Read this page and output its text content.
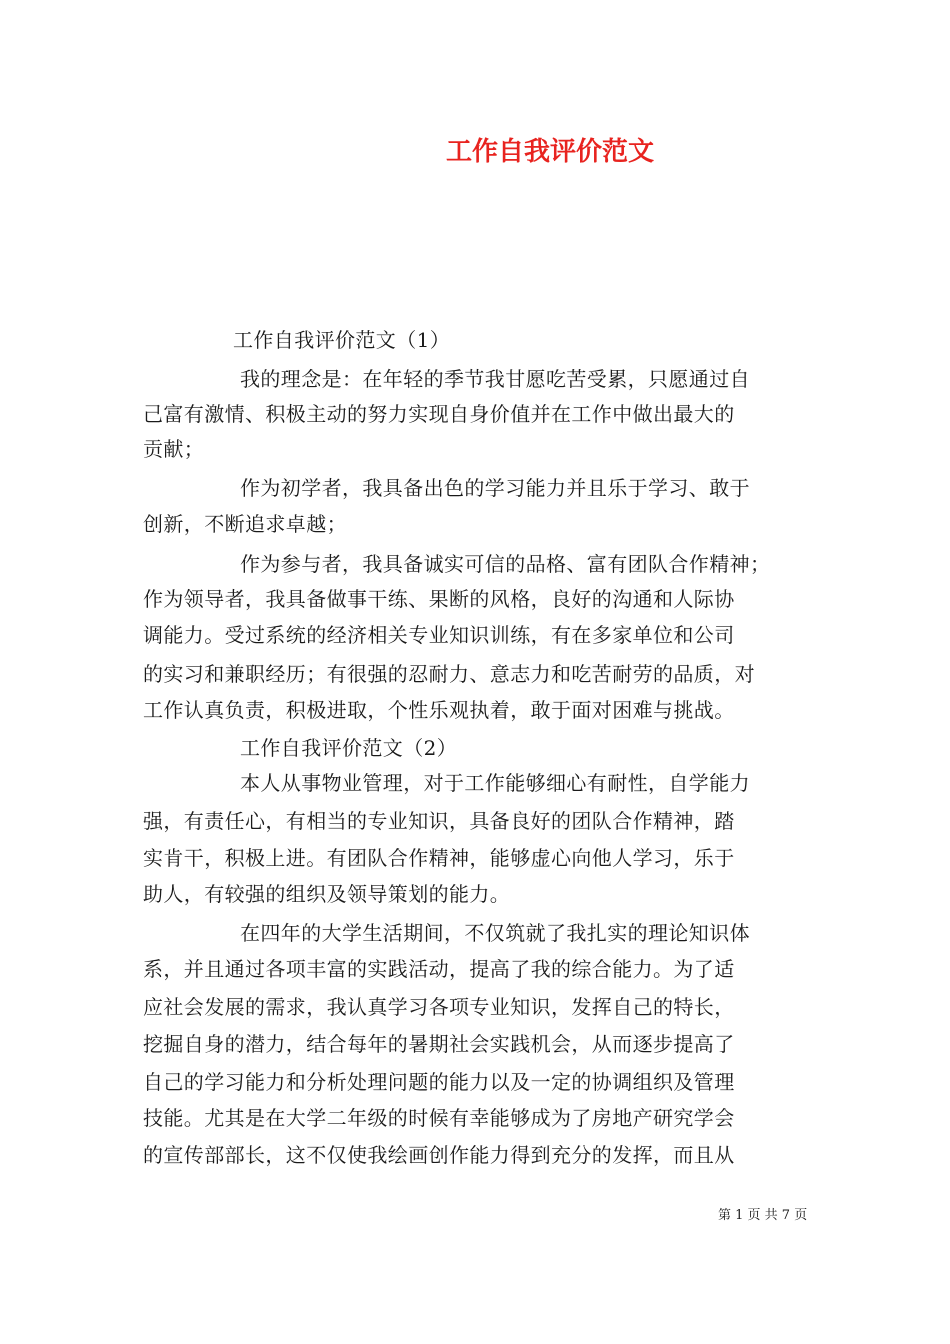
工作自我评价范文
工作自我评价范文（1）
我的理念是：在年轻的季节我甘愿吃苦受累，只愿通过自
己富有激情、积极主动的努力实现自身价值并在工作中做出最大的
贡献；
作为初学者，我具备出色的学习能力并且乐于学习、敢于
创新，不断追求卓越；
作为参与者，我具备诚实可信的品格、富有团队合作精神；
作为领导者，我具备做事干练、果断的风格，良好的沟通和人际协
调能力。受过系统的经济相关专业知识训练，有在多家单位和公司
的实习和兼职经历；有很强的忍耐力、意志力和吃苦耐劳的品质，对
工作认真负责，积极进取，个性乐观执着，敢于面对困难与挑战。
工作自我评价范文（2）
本人从事物业管理，对于工作能够细心有耐性，自学能力
强，有责任心，有相当的专业知识，具备良好的团队合作精神，踏
实肯干，积极上进。有团队合作精神，能够虚心向他人学习，乐于
助人，有较强的组织及领导策划的能力。
在四年的大学生活期间，不仅筑就了我扎实的理论知识体
系，并且通过各项丰富的实践活动，提高了我的综合能力。为了适
应社会发展的需求，我认真学习各项专业知识，发挥自己的特长，
挖掘自身的潜力，结合每年的暑期社会实践机会，从而逐步提高了
自己的学习能力和分析处理问题的能力以及一定的协调组织及管理
技能。尤其是在大学二年级的时候有幸能够成为了房地产研究学会
的宣传部部长，这不仅使我绘画创作能力得到充分的发挥，而且从
第 1 页 共 7 页
